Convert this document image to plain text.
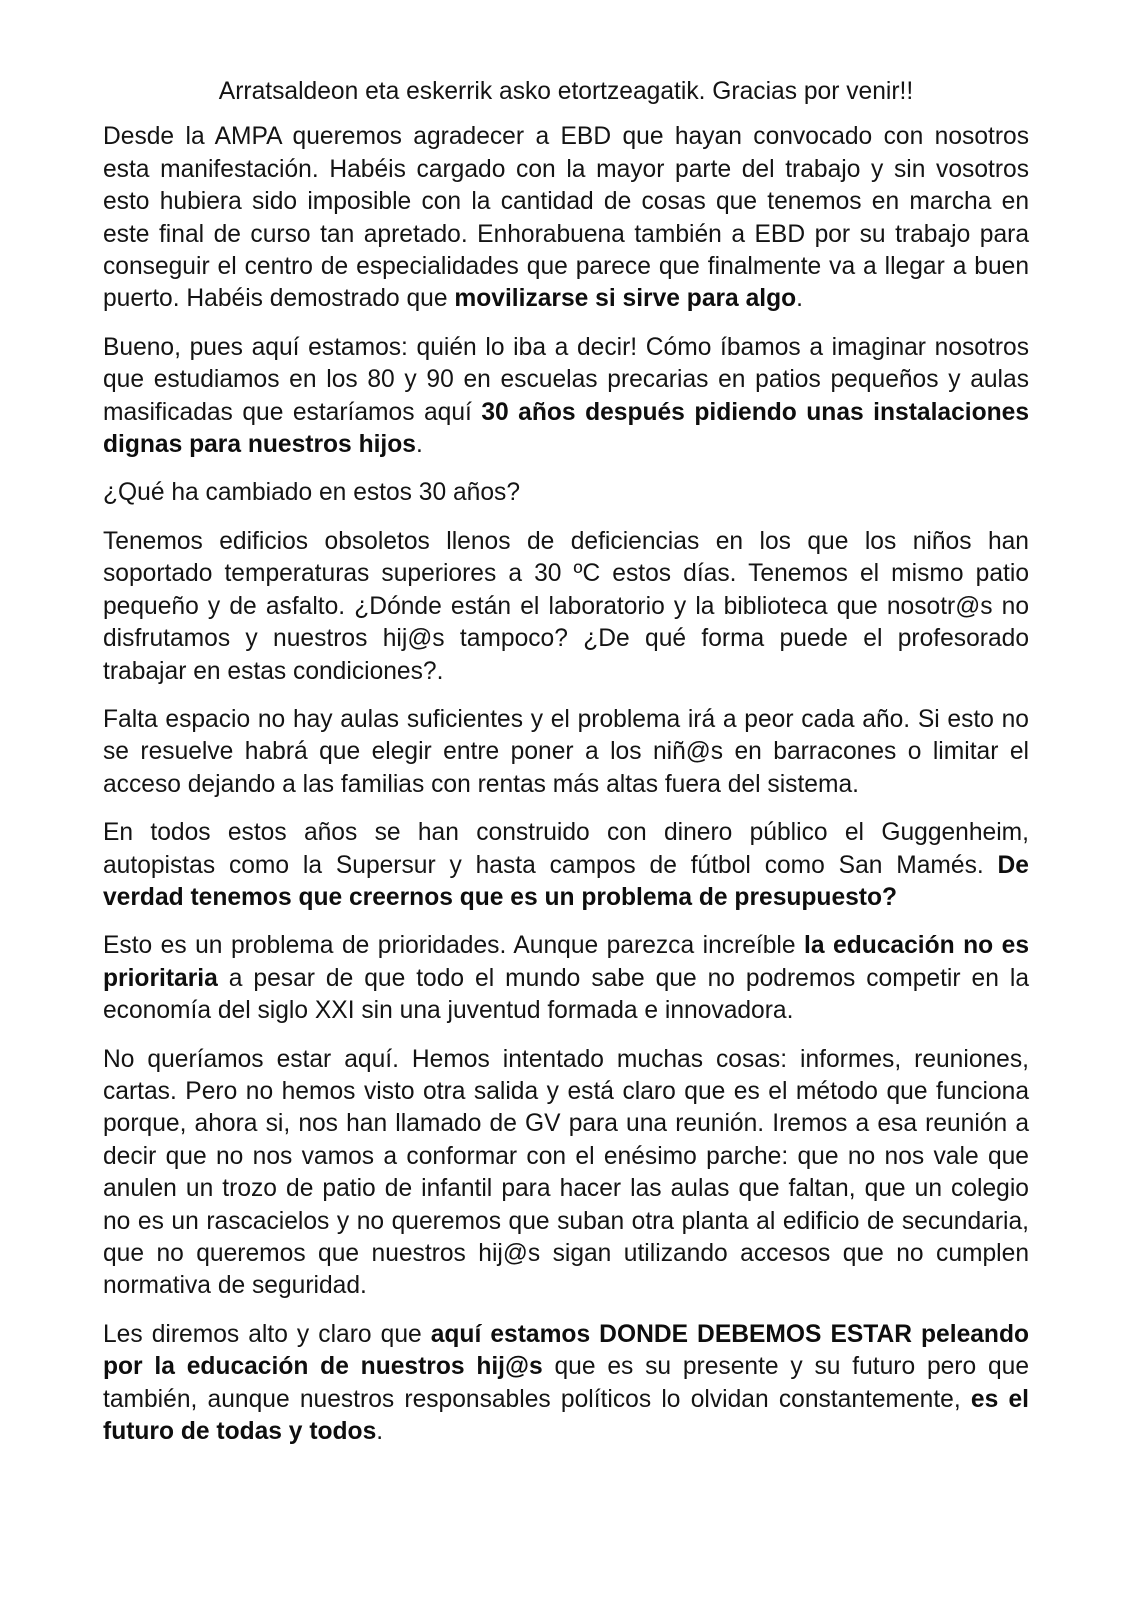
Arratsaldeon eta eskerrik asko etortzeagatik. Gracias por venir!!

Desde la AMPA queremos agradecer a EBD que hayan convocado con nosotros esta manifestación. Habéis cargado con la mayor parte del trabajo y sin vosotros esto hubiera sido imposible con la cantidad de cosas que tenemos en marcha en este final de curso tan apretado. Enhorabuena también a EBD por su trabajo para conseguir el centro de especialidades que parece que finalmente va a llegar a buen puerto. Habéis demostrado que movilizarse si sirve para algo.

Bueno, pues aquí estamos: quién lo iba a decir! Cómo íbamos a imaginar nosotros que estudiamos en los 80 y 90 en escuelas precarias en patios pequeños y aulas masificadas que estaríamos aquí 30 años después pidiendo unas instalaciones dignas para nuestros hijos.

¿Qué ha cambiado en estos 30 años?

Tenemos edificios obsoletos llenos de deficiencias en los que los niños han soportado temperaturas superiores a 30 ºC estos días. Tenemos el mismo patio pequeño y de asfalto. ¿Dónde están el laboratorio y la biblioteca que nosotr@s no disfrutamos y nuestros hij@s tampoco? ¿De qué forma puede el profesorado trabajar en estas condiciones?.

Falta espacio no hay aulas suficientes y el problema irá a peor cada año. Si esto no se resuelve habrá que elegir entre poner a los niñ@s en barracones o limitar el acceso dejando a las familias con rentas más altas fuera del sistema.

En todos estos años se han construido con dinero público el Guggenheim, autopistas como la Supersur y hasta campos de fútbol como San Mamés. De verdad tenemos que creernos que es un problema de presupuesto?

Esto es un problema de prioridades. Aunque parezca increíble la educación no es prioritaria a pesar de que todo el mundo sabe que no podremos competir en la economía del siglo XXI sin una juventud formada e innovadora.

No queríamos estar aquí. Hemos intentado muchas cosas: informes, reuniones, cartas. Pero no hemos visto otra salida y está claro que es el método que funciona porque, ahora si, nos han llamado de GV para una reunión. Iremos a esa reunión a decir que no nos vamos a conformar con el enésimo parche: que no nos vale que anulen un trozo de patio de infantil para hacer las aulas que faltan, que un colegio no es un rascacielos y no queremos que suban otra planta al edificio de secundaria, que no queremos que nuestros hij@s sigan utilizando accesos que no cumplen normativa de seguridad.

Les diremos alto y claro que aquí estamos DONDE DEBEMOS ESTAR peleando por la educación de nuestros hij@s que es su presente y su futuro pero que también, aunque nuestros responsables políticos lo olvidan constantemente, es el futuro de todas y todos.
